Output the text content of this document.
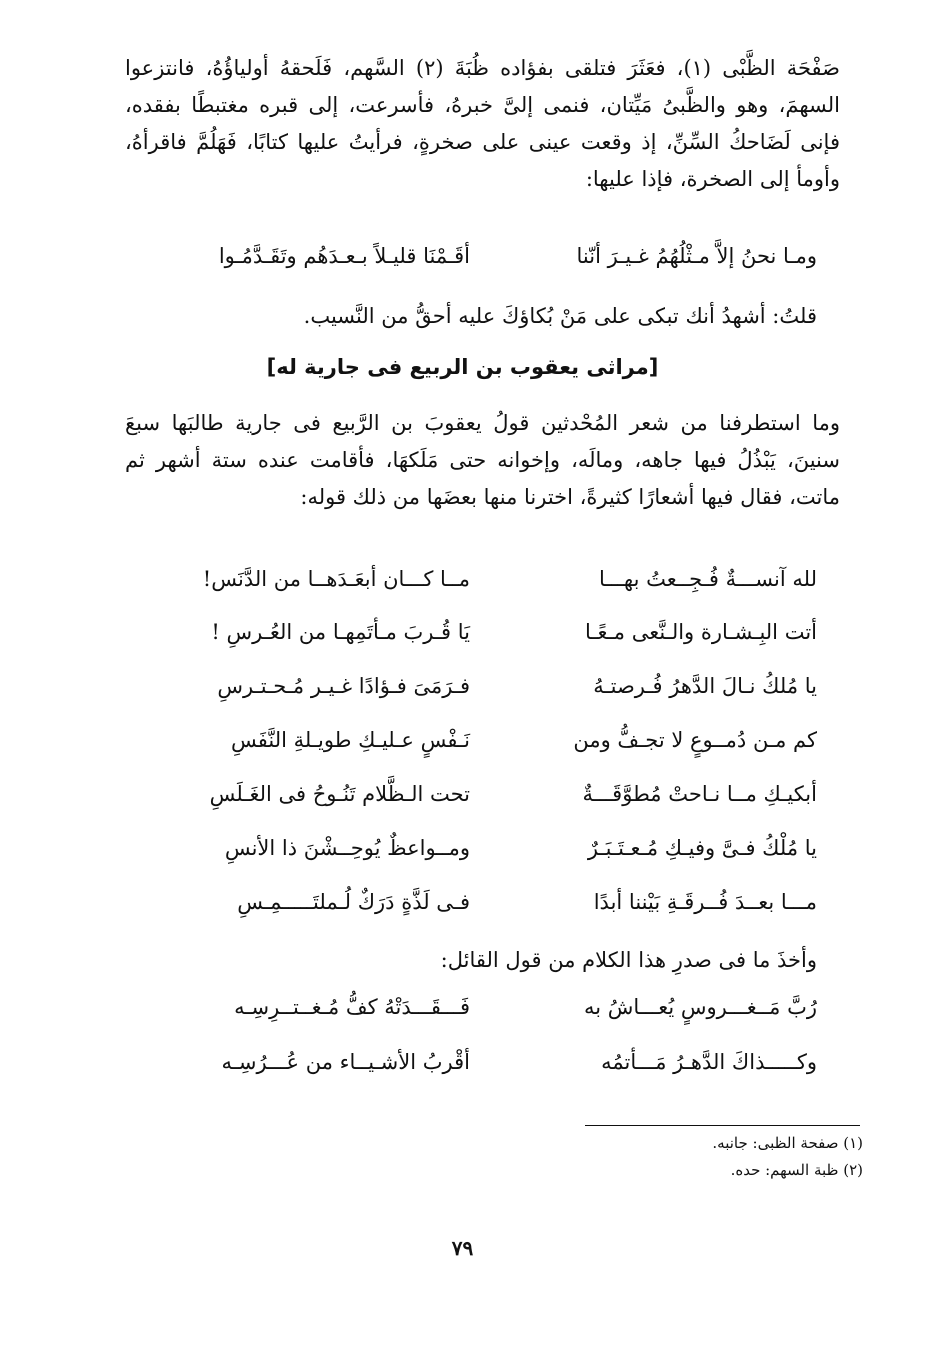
صَفْحَة الظَّبْى (١)، فعَثَرَ فتلقى بفؤاده ظُبَةَ (٢) السَّهم، فَلَحقهُ أولياؤُهُ، فانتزعوا السهمَ، وهو والظَّبىُ مَيِّتان، فنمى إلىَّ خبرهُ، فأسرعت، إلى قبره مغتبطًا بفقده، فإنى لَضَاحكُ السِّنِّ، إذ وقعت عينى على صخرةٍ، فرأيتُ عليها كتابًا، فَهَلُمَّ فاقرأهُ، وأومأ إلى الصخرة، فإذا عليها:
ومـا نحنُ إلاَّ مـثْلُهُمُ غـيـرَ أنّنا
أقَـمْنَا قليـلاً بـعـدَهُم وتَقَـدَّمُـوا
قلتُ: أشهدُ أنك تبكى على مَنْ بُكاؤكَ عليه أحقُّ من النَّسيب.
[مراثى يعقوب بن الربيع فى جارية له]
وما استطرفنا من شعر المُحْدثين قولُ يعقوبَ بن الرَّبيع فى جارية طالبَها سبعَ سنينَ، يَبْذُلُ فيها جاهه، ومالَه، وإخوانه حتى مَلَكهَا، فأقامت عنده ستة أشهر ثم ماتت، فقال فيها أشعارًا كثيرةً، اخترنا منها بعضَها من ذلك قوله:
لله آنســـةٌ فُـجِــعتُ بهـــا
مــا كـــان أبعَـدَهــا من الدَّنَس!
أتت البِـشـارة والـنَّعى مـعًـا
يَا قُـربَ مـأتَمِهـا من العُـرسِ !
يا مُلكُ نـالَ الدَّهرُ فُـرصتـهُ
فـرَمَىَ فـؤادًا غـيـر مُـحـتـرسِ
كم مـن دُمــوعٍ لا تجـفُّ ومن
نَـفْسٍ عـليـكِ طويـلةِ النَّفَسِ
أبكيـكِ مــا نـاحتْ مُطوَّقَـــةٌ
تحت الـظَّلام تَنُـوحُ فى الغَـلَسِ
يا مُلْكُ فـىَّ وفيـكِ مُـعـتَـبَـرٌ
ومــواعظٌ يُوحِــشْنَ ذا الأنسِ
مـــا بعــدَ فُــرقَـةِ بَيْننا أبدًا
فـى لَذَّةٍ دَرَكٌ لُـملتَـــــمِـسِ
وأخذَ ما فى صدرِ هذا الكلام من قول القائل:
رُبَّ مَــغـــروسٍ يُعـــاشُ به
فَـــقَـــدَتْهُ كفُّ مُـغــتــرِسِـه
وكـــــذاكَ الدَّهـرُ مَـــأتمُه
أقْربُ الأشـيــاء من عُـــرُسِـه
(١) صفحة الظبى: جانبه.
(٢) ظبة السهم: حده.
٧٩
